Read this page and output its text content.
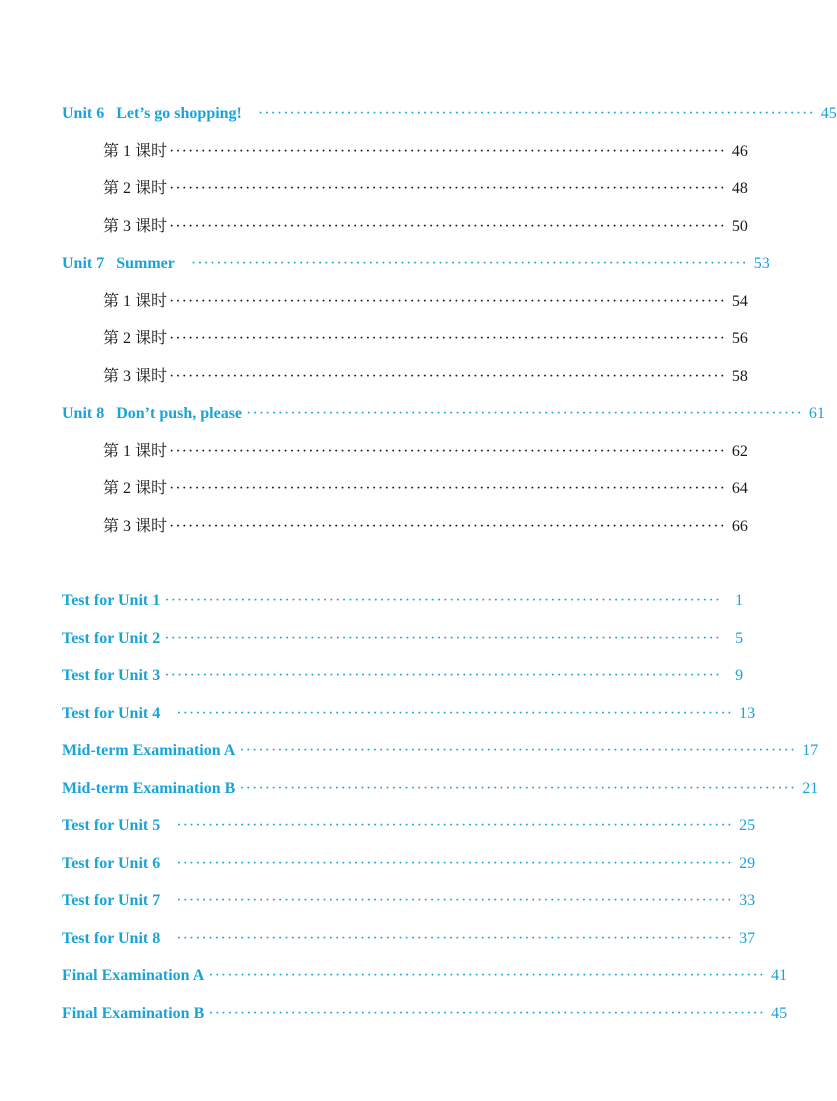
Unit 6   Let’s go shopping! ························································································ 45
第 1 课时 ························································································ 46
第 2 课时 ························································································ 48
第 3 课时 ························································································ 50
Unit 7   Summer ························································································ 53
第 1 课时 ························································································ 54
第 2 课时 ························································································ 56
第 3 课时 ························································································ 58
Unit 8   Don’t push, please ························································································ 61
第 1 课时 ························································································ 62
第 2 课时 ························································································ 64
第 3 课时 ························································································ 66
Test for Unit 1 ························································································ 1
Test for Unit 2 ························································································ 5
Test for Unit 3 ························································································ 9
Test for Unit 4 ························································································ 13
Mid-term Examination A ························································································ 17
Mid-term Examination B ························································································ 21
Test for Unit 5 ························································································ 25
Test for Unit 6 ························································································ 29
Test for Unit 7 ························································································ 33
Test for Unit 8 ························································································ 37
Final Examination A ························································································ 41
Final Examination B ························································································ 45
